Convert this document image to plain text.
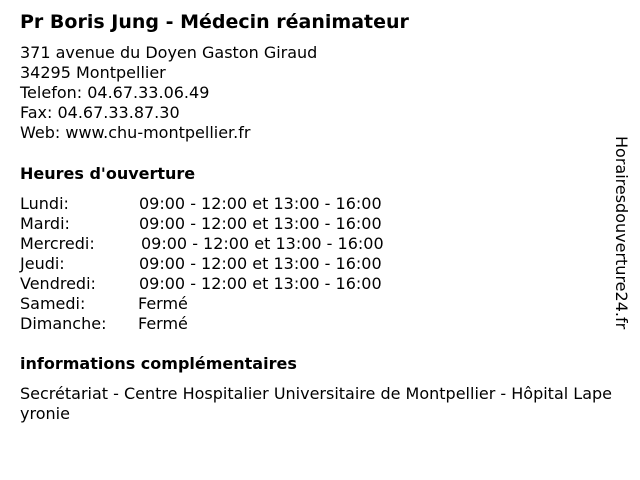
Pr Boris Jung - Médecin réanimateur
371 avenue du Doyen Gaston Giraud
34295 Montpellier
Telefon: 04.67.33.06.49
Fax: 04.67.33.87.30
Web: www.chu-montpellier.fr
Heures d'ouverture
Lundi:	09:00 - 12:00 et 13:00 - 16:00
Mardi:	09:00 - 12:00 et 13:00 - 16:00
Mercredi:	09:00 - 12:00 et 13:00 - 16:00
Jeudi:	09:00 - 12:00 et 13:00 - 16:00
Vendredi:	09:00 - 12:00 et 13:00 - 16:00
Samedi:	Fermé
Dimanche: Fermé
informations complémentaires
Secrétariat - Centre Hospitalier Universitaire de Montpellier - Hôpital Lapeyronie
Horairesdouverture24.fr
